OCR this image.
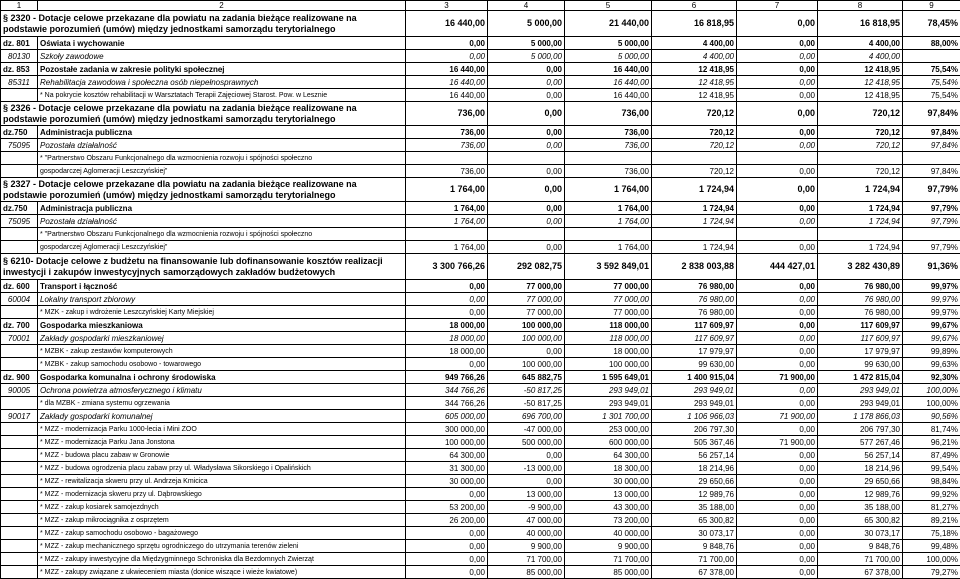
1	2	3	4	5	6	7	8	9
§ 2320 - Dotacje celowe przekazane dla powiatu na zadania bieżące realizowane na podstawie porozumień (umów) między jednostkami samorządu terytorialnego		16 440,00	5 000,00	21 440,00	16 818,95	0,00	16 818,95	78,45%
dz. 801	Oświata i wychowanie	0,00	5 000,00	5 000,00	4 400,00	0,00	4 400,00	88,00%
80130	Szkoły zawodowe	0,00	5 000,00	5 000,00	4 400,00	0,00	4 400,00	
dz. 853	Pozostałe zadania w zakresie polityki społecznej	16 440,00	0,00	16 440,00	12 418,95	0,00	12 418,95	75,54%
85311	Rehabilitacja zawodowa i społeczna osób niepełnosprawnych	16 440,00	0,00	16 440,00	12 418,95	0,00	12 418,95	75,54%
	* Na pokrycie kosztów rehabilitacji w Warsztatach Terapii Zajęciowej Starost. Pow. w Lesznie	16 440,00	0,00	16 440,00	12 418,95	0,00	12 418,95	75,54%
§ 2326 - Dotacje celowe przekazane dla powiatu na zadania bieżące realizowane na podstawie porozumień (umów) między jednostkami samorządu terytorialnego		736,00	0,00	736,00	720,12	0,00	720,12	97,84%
dz.750	Administracja publiczna	736,00	0,00	736,00	720,12	0,00	720,12	97,84%
75095	Pozostała działalność	736,00	0,00	736,00	720,12	0,00	720,12	97,84%
	* "Partnerstwo Obszaru Funkcjonalnego dla wzmocnienia rozwoju i spójności społeczno							
	gospodarczej Aglomeracji Leszczyńskiej"	736,00	0,00	736,00	720,12	0,00	720,12	97,84%
§ 2327 - Dotacje celowe przekazane dla powiatu na zadania bieżące realizowane na podstawie porozumień (umów) między jednostkami samorządu terytorialnego		1 764,00	0,00	1 764,00	1 724,94	0,00	1 724,94	97,79%
dz.750	Administracja publiczna	1 764,00	0,00	1 764,00	1 724,94	0,00	1 724,94	97,79%
75095	Pozostała działalność	1 764,00	0,00	1 764,00	1 724,94	0,00	1 724,94	97,79%
	* "Partnerstwo Obszaru Funkcjonalnego dla wzmocnienia rozwoju i spójności społeczno							
	gospodarczej Aglomeracji Leszczyńskiej"	1 764,00	0,00	1 764,00	1 724,94	0,00	1 724,94	97,79%
§ 6210- Dotacje celowe z budżetu na finansowanie lub dofinansowanie kosztów realizacji inwestycji i zakupów inwestycyjnych samorządowych zakładów budżetowych		3 300 766,26	292 082,75	3 592 849,01	2 838 003,88	444 427,01	3 282 430,89	91,36%
dz. 600	Transport i łączność	0,00	77 000,00	77 000,00	76 980,00	0,00	76 980,00	99,97%
60004	Lokalny transport zbiorowy	0,00	77 000,00	77 000,00	76 980,00	0,00	76 980,00	99,97%
	* MZK - zakup i wdrożenie Leszczyńskiej Karty Miejskiej	0,00	77 000,00	77 000,00	76 980,00	0,00	76 980,00	99,97%
dz. 700	Gospodarka mieszkaniowa	18 000,00	100 000,00	118 000,00	117 609,97	0,00	117 609,97	99,67%
70001	Zakłady gospodarki mieszkaniowej	18 000,00	100 000,00	118 000,00	117 609,97	0,00	117 609,97	99,67%
	* MZBK - zakup zestawów komputerowych	18 000,00	0,00	18 000,00	17 979,97	0,00	17 979,97	99,89%
	* MZBK - zakup samochodu osobowo - towarowego	0,00	100 000,00	100 000,00	99 630,00	0,00	99 630,00	99,63%
dz. 900	Gospodarka komunalna i ochrony środowiska	949 766,26	645 882,75	1 595 649,01	1 400 915,04	71 900,00	1 472 815,04	92,30%
90005	Ochrona powietrza atmosferycznego i klimatu	344 766,26	-50 817,25	293 949,01	293 949,01	0,00	293 949,01	100,00%
	* dla MZBK - zmiana systemu ogrzewania	344 766,26	-50 817,25	293 949,01	293 949,01	0,00	293 949,01	100,00%
90017	Zakłady gospodarki komunalnej	605 000,00	696 700,00	1 301 700,00	1 106 966,03	71 900,00	1 178 866,03	90,56%
	* MZZ - modernizacja Parku 1000-lecia i Mini ZOO	300 000,00	-47 000,00	253 000,00	206 797,30	0,00	206 797,30	81,74%
	* MZZ - modernizacja Parku Jana Jonstona	100 000,00	500 000,00	600 000,00	505 367,46	71 900,00	577 267,46	96,21%
	* MZZ - budowa placu zabaw w Gronowie	64 300,00	0,00	64 300,00	56 257,14	0,00	56 257,14	87,49%
	* MZZ - budowa ogrodzenia placu zabaw przy ul. Władysława Sikorskiego i Opalińskich	31 300,00	-13 000,00	18 300,00	18 214,96	0,00	18 214,96	99,54%
	* MZZ - rewitalizacja skweru przy ul. Andrzeja Kmicica	30 000,00	0,00	30 000,00	29 650,66	0,00	29 650,66	98,84%
	* MZZ - modernizacja skweru przy ul. Dąbrowskiego	0,00	13 000,00	13 000,00	12 989,76	0,00	12 989,76	99,92%
	* MZZ - zakup kosiarek samojezdnych	53 200,00	-9 900,00	43 300,00	35 188,00	0,00	35 188,00	81,27%
	* MZZ - zakup mikrociągnika z osprzętem	26 200,00	47 000,00	73 200,00	65 300,82	0,00	65 300,82	89,21%
	* MZZ - zakup samochodu osobowo - bagażowego	0,00	40 000,00	40 000,00	30 073,17	0,00	30 073,17	75,18%
	* MZZ - zakup mechanicznego sprzętu ogrodniczego do utrzymania terenów zieleni	0,00	9 900,00	9 900,00	9 848,76	0,00	9 848,76	99,48%
	* MZZ - zakupy inwestycyjne dla Międzygminnego Schroniska dla Bezdomnych Zwierząt	0,00	71 700,00	71 700,00	71 700,00	0,00	71 700,00	100,00%
	* MZZ - zakupy związane z ukwieceniem miasta (donice wiszące i wieże kwiatowe)	0,00	85 000,00	85 000,00	67 378,00	0,00	67 378,00	79,27%
